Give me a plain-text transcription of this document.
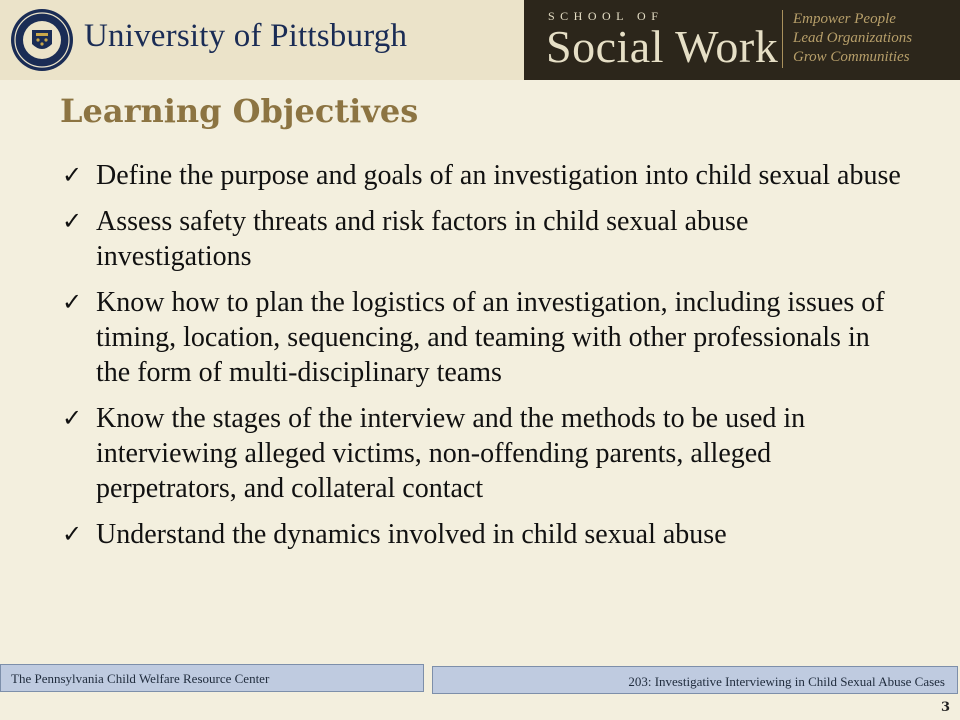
University of Pittsburgh
SCHOOL OF
Social Work
Empower People
Lead Organizations
Grow Communities
Learning Objectives
✓ Define the purpose and goals of an investigation into child sexual abuse
✓ Assess safety threats and risk factors in child sexual abuse investigations
✓ Know how to plan the logistics of an investigation, including issues of timing, location, sequencing, and teaming with other professionals in the form of multi-disciplinary teams
✓ Know the stages of the interview and the methods to be used in interviewing alleged victims, non-offending parents, alleged perpetrators, and collateral contact
✓ Understand the dynamics involved in child sexual abuse
The Pennsylvania Child Welfare Resource Center	203: Investigative Interviewing in Child Sexual Abuse Cases
3
